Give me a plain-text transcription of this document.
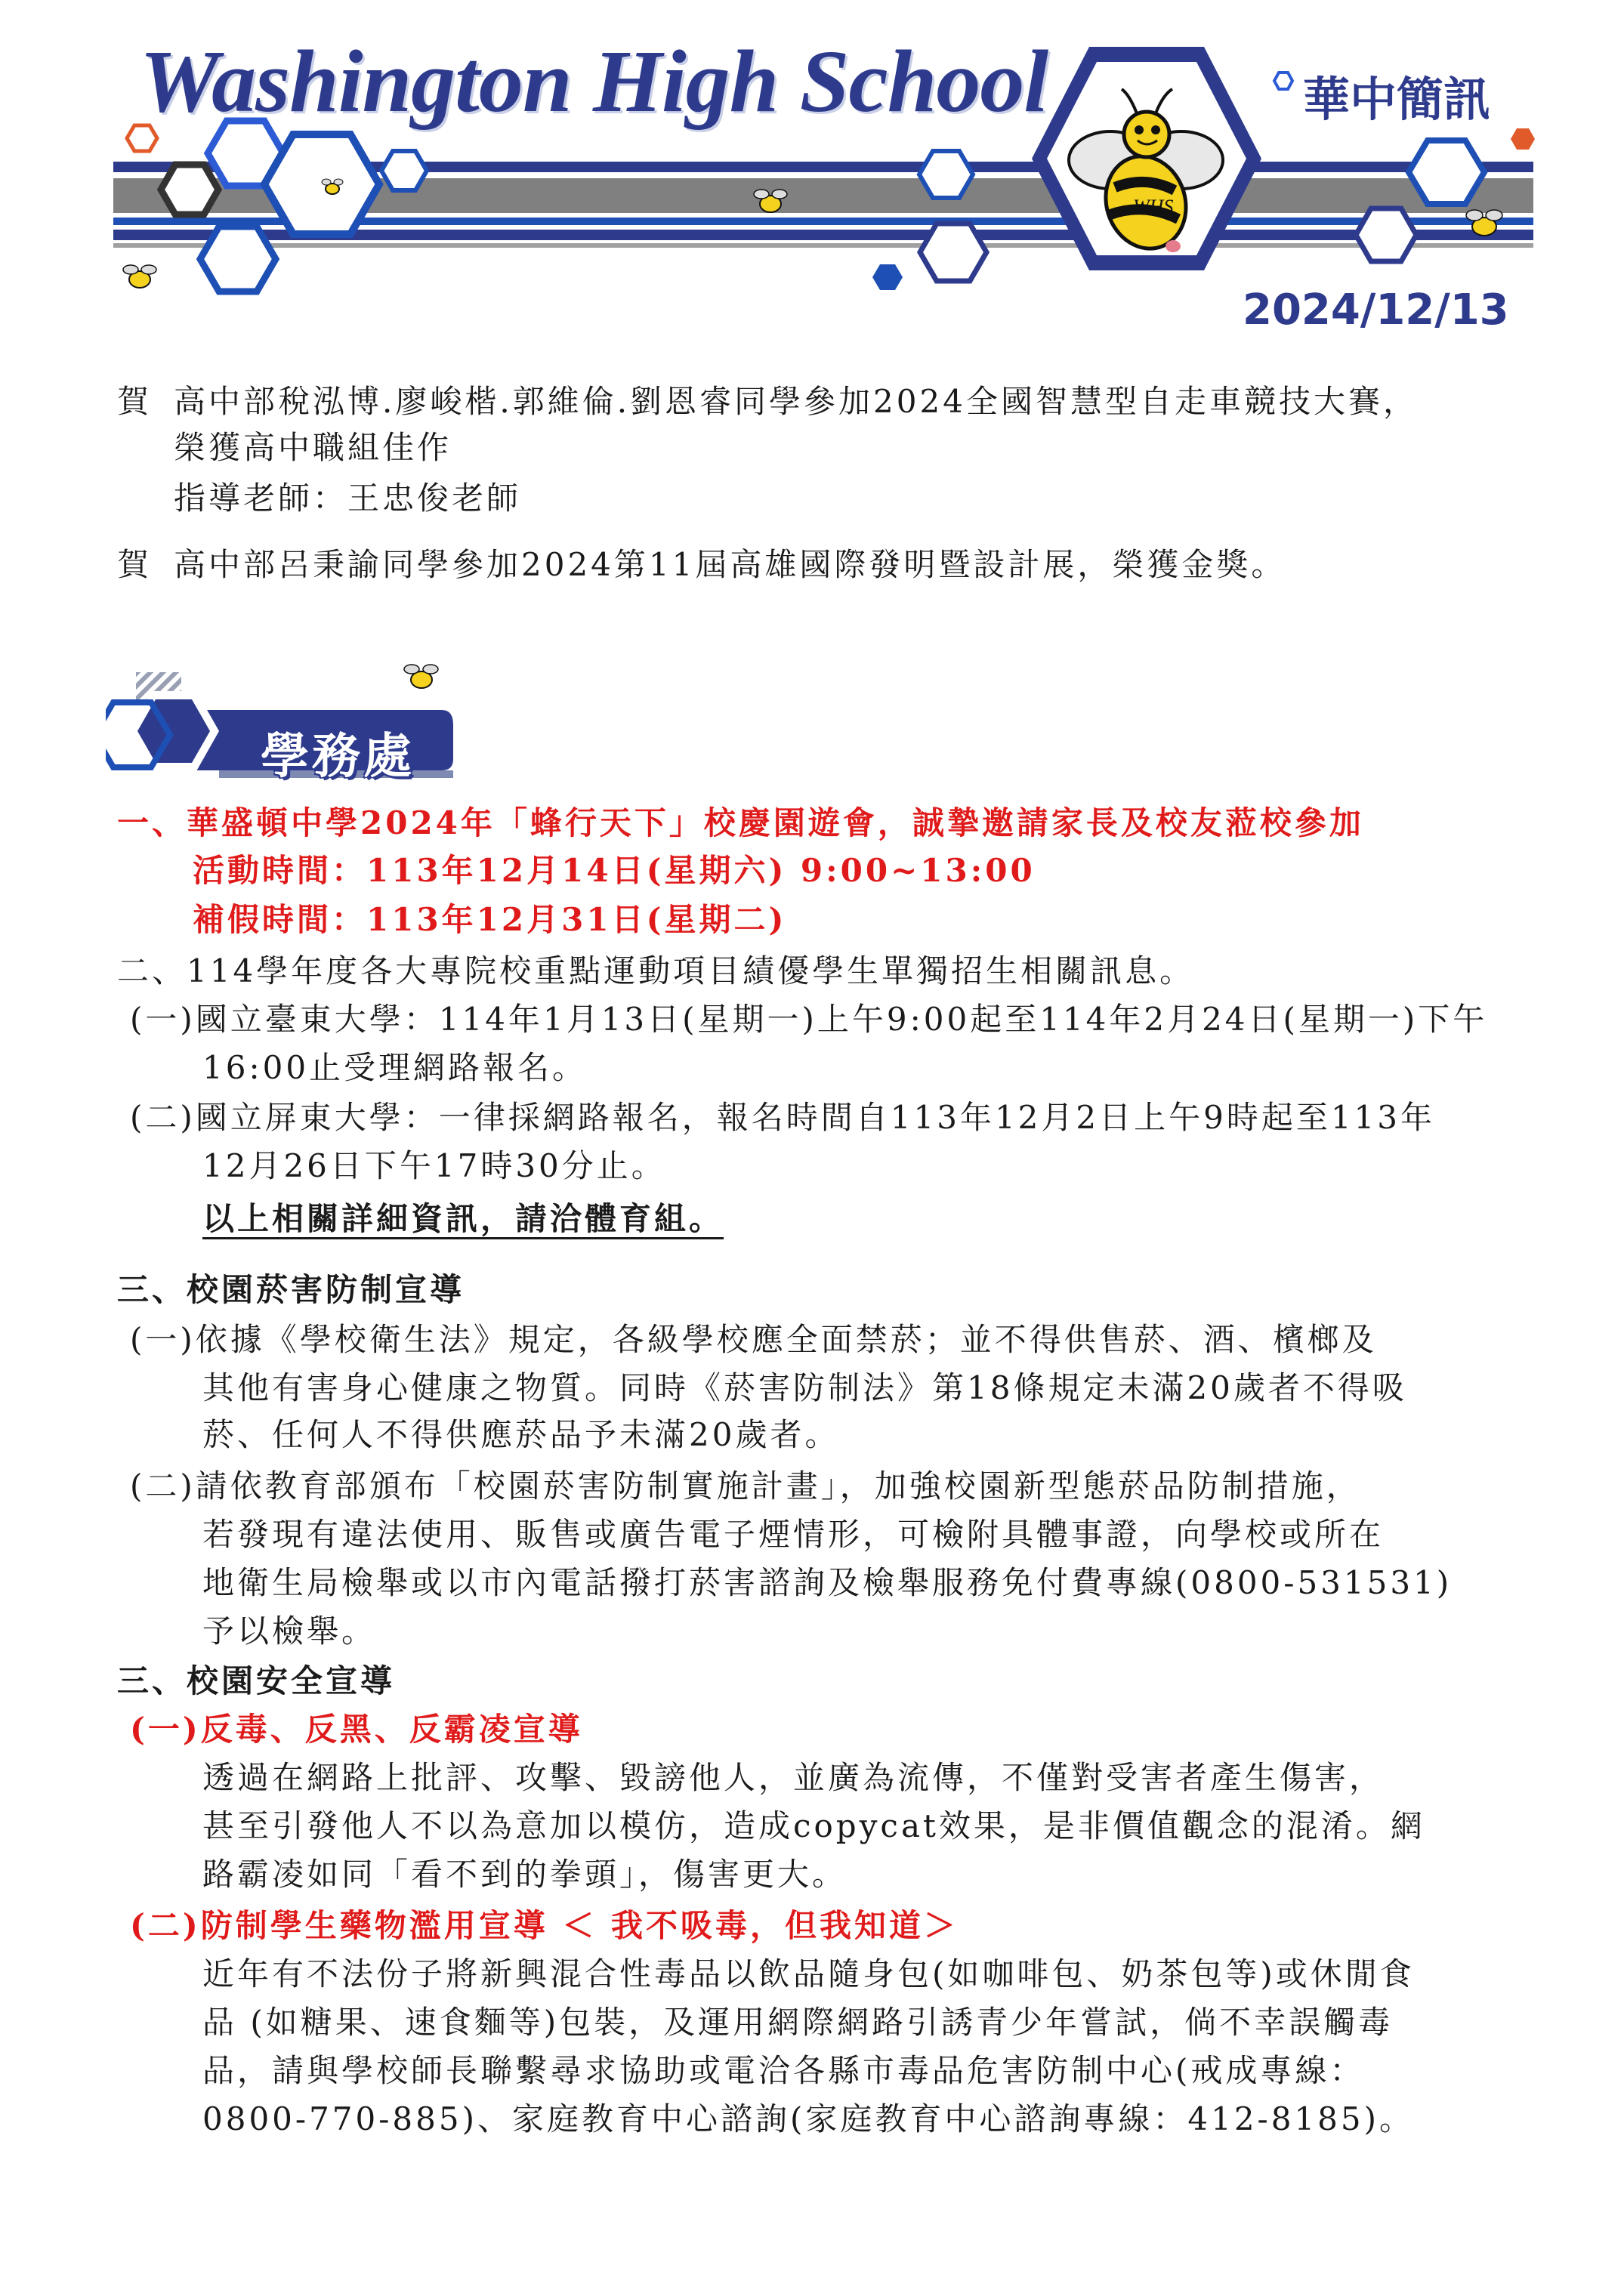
WHS
Washington High School	華中簡訊
2024/12/13
賀 高中部稅泓博.廖峻楷.郭維倫.劉恩睿同學參加2024全國智慧型自走車競技大賽，
榮獲高中職組佳作
指導老師：王忠俊老師
賀 高中部呂秉諭同學參加2024第11屆高雄國際發明暨設計展，榮獲金獎。
學務處
一、華盛頓中學2024年「蜂行天下」校慶園遊會，誠摯邀請家長及校友蒞校參加
活動時間：113年12月14日(星期六) 9:00~13:00
補假時間：113年12月31日(星期二)
二、114學年度各大專院校重點運動項目績優學生單獨招生相關訊息。
(一)國立臺東大學：114年1月13日(星期一)上午9:00起至114年2月24日(星期一)下午
16:00止受理網路報名。
(二)國立屏東大學：一律採網路報名，報名時間自113年12月2日上午9時起至113年
12月26日下午17時30分止。
以上相關詳細資訊，請洽體育組。
三、校園菸害防制宣導
(一)依據《學校衛生法》規定，各級學校應全面禁菸；並不得供售菸、酒、檳榔及
其他有害身心健康之物質。同時《菸害防制法》第18條規定未滿20歲者不得吸
菸、任何人不得供應菸品予未滿20歲者。
(二)請依教育部頒布「校園菸害防制實施計畫」，加強校園新型態菸品防制措施，
若發現有違法使用、販售或廣告電子煙情形，可檢附具體事證，向學校或所在
地衛生局檢舉或以市內電話撥打菸害諮詢及檢舉服務免付費專線(0800-531531)
予以檢舉。
三、校園安全宣導
(一)反毒、反黑、反霸凌宣導
透過在網路上批評、攻擊、毀謗他人，並廣為流傳，不僅對受害者產生傷害，
甚至引發他人不以為意加以模仿，造成copycat效果，是非價值觀念的混淆。網
路霸凌如同「看不到的拳頭」，傷害更大。
(二)防制學生藥物濫用宣導 ＜ 我不吸毒，但我知道＞
近年有不法份子將新興混合性毒品以飲品隨身包(如咖啡包、奶茶包等)或休閒食
品 (如糖果、速食麵等)包裝，及運用網際網路引誘青少年嘗試，倘不幸誤觸毒
品，請與學校師長聯繫尋求協助或電洽各縣市毒品危害防制中心(戒成專線：
0800-770-885)、家庭教育中心諮詢(家庭教育中心諮詢專線：412-8185)。
